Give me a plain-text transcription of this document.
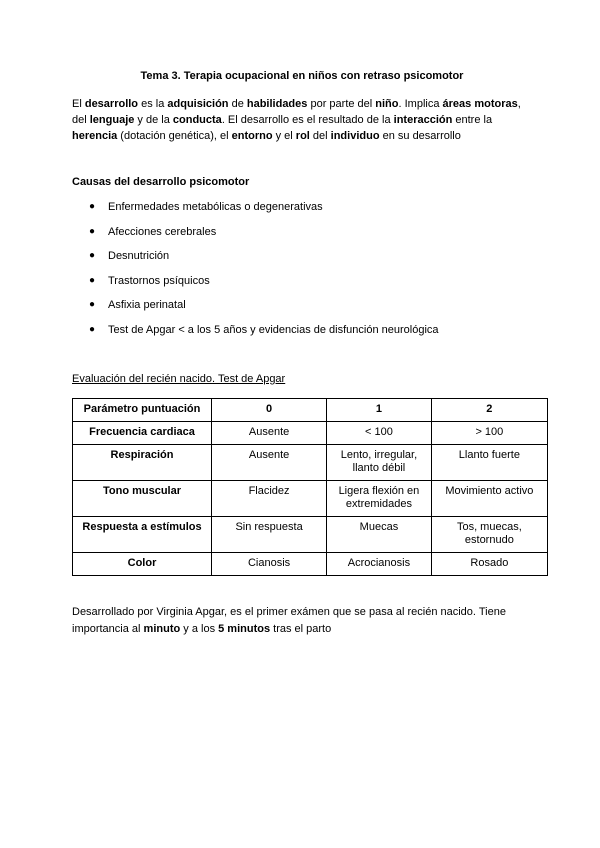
Tema 3. Terapia ocupacional en niños con retraso psicomotor
El desarrollo es la adquisición de habilidades por parte del niño. Implica áreas motoras,
del lenguaje y de la conducta. El desarrollo es el resultado de la interacción entre la
herencia (dotación genética), el entorno y el rol del individuo en su desarrollo
Causas del desarrollo psicomotor
● Enfermedades metabólicas o degenerativas
● Afecciones cerebrales
● Desnutrición
● Trastornos psíquicos
● Asfixia perinatal
● Test de Apgar < a los 5 años y evidencias de disfunción neurológica
Evaluación del recién nacido. Test de Apgar
Parámetro puntuación	0	1	2
Frecuencia cardiaca	Ausente	< 100	> 100
Respiración	Ausente	Lento, irregular, llanto débil	Llanto fuerte
Tono muscular	Flacidez	Ligera flexión en extremidades	Movimiento activo
Respuesta a estímulos	Sin respuesta	Muecas	Tos, muecas, estornudo
Color	Cianosis	Acrocianosis	Rosado
Desarrollado por Virginia Apgar, es el primer exámen que se pasa al recién nacido. Tiene
importancia al minuto y a los 5 minutos tras el parto
